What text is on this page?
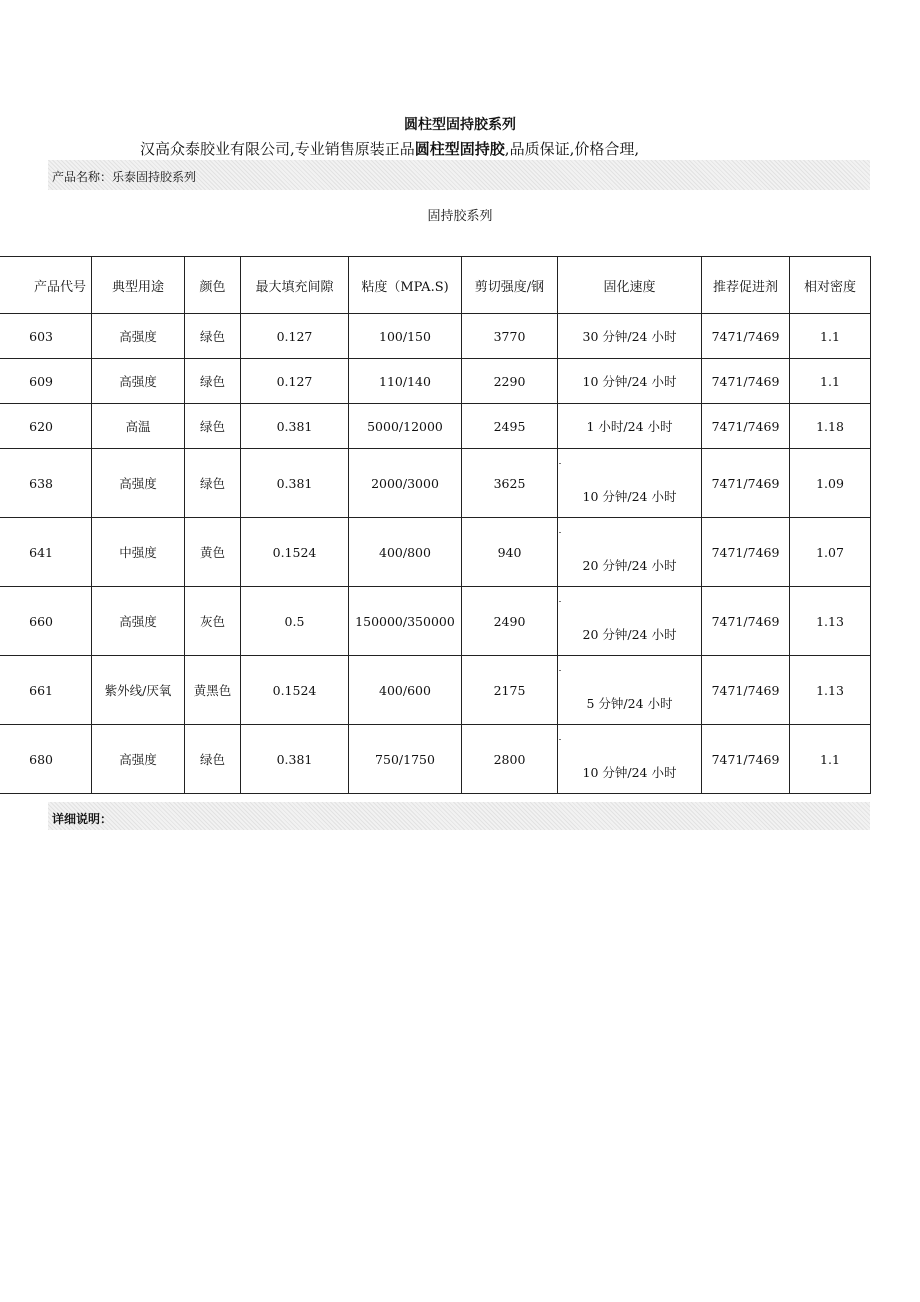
圆柱型固持胶系列
汉高众泰胶业有限公司,专业销售原装正品圆柱型固持胶,品质保证,价格合理,
产品名称：乐泰固持胶系列
固持胶系列
产品代号	典型用途	颜色	最大填充间隙	粘度（MPA.S)	剪切强度/钢	固化速度	推荐促进剂	相对密度
603	高强度	绿色	0.127	100/150	3770	30 分钟/24 小时	7471/7469	1.1
609	高强度	绿色	0.127	110/140	2290	10 分钟/24 小时	7471/7469	1.1
620	高温	绿色	0.381	5000/12000	2495	1 小时/24 小时	7471/7469	1.18
638	高强度	绿色	0.381	2000/3000	3625	10 分钟/24 小时	7471/7469	1.09
641	中强度	黄色	0.1524	400/800	940	20 分钟/24 小时	7471/7469	1.07
660	高强度	灰色	0.5	150000/350000	2490	20 分钟/24 小时	7471/7469	1.13
661	紫外线/厌氧	黄黑色	0.1524	400/600	2175	5 分钟/24 小时	7471/7469	1.13
680	高强度	绿色	0.381	750/1750	2800	10 分钟/24 小时	7471/7469	1.1
详细说明：
